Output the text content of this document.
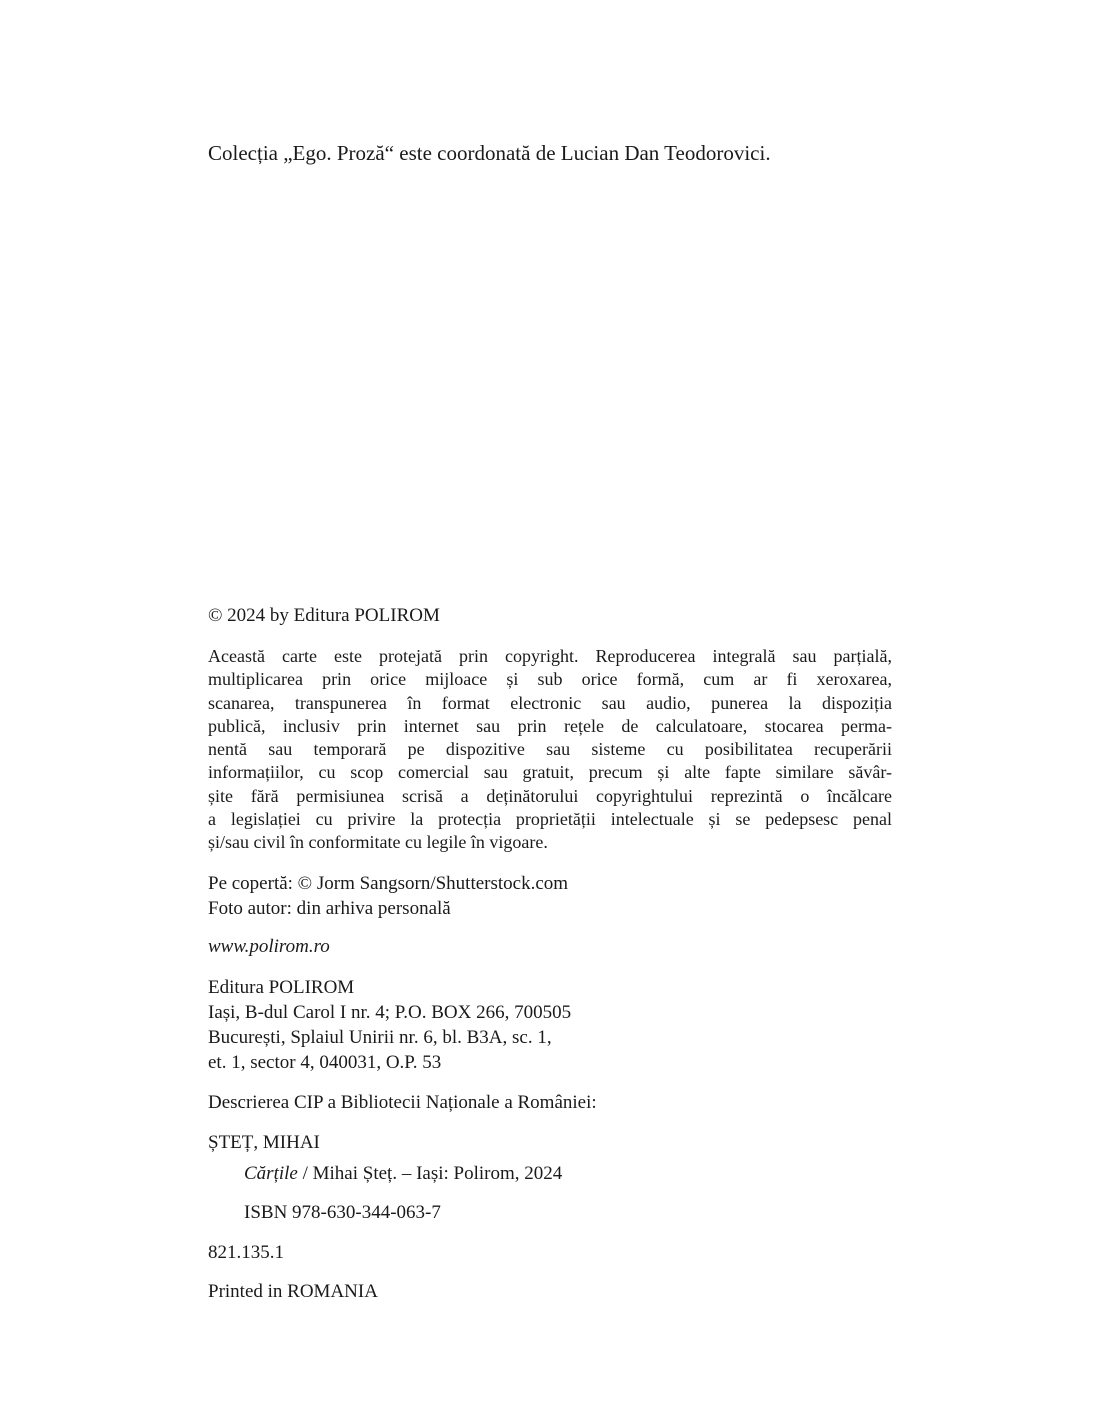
Colecția „Ego. Proză“ este coordonată de Lucian Dan Teodorovici.
© 2024 by Editura POLIROM
Această carte este protejată prin copyright. Reproducerea integrală sau parțială,
multiplicarea prin orice mijloace și sub orice formă, cum ar fi xeroxarea,
scanarea, transpunerea în format electronic sau audio, punerea la dispoziția
publică, inclusiv prin internet sau prin rețele de calculatoare, stocarea perma-
nentă sau temporară pe dispozitive sau sisteme cu posibilitatea recuperării
informațiilor, cu scop comercial sau gratuit, precum și alte fapte similare săvâr-
șite fără permisiunea scrisă a deținătorului copyrightului reprezintă o încălcare
a legislației cu privire la protecția proprietății intelectuale și se pedepsesc penal
și/sau civil în conformitate cu legile în vigoare.
Pe copertă: © Jorm Sangsorn/Shutterstock.com
Foto autor: din arhiva personală
www.polirom.ro
Editura POLIROM
Iași, B-dul Carol I nr. 4; P.O. BOX 266, 700505
București, Splaiul Unirii nr. 6, bl. B3A, sc. 1,
et. 1, sector 4, 040031, O.P. 53
Descrierea CIP a Bibliotecii Naționale a României:
ȘTEȚ, MIHAI
Cărțile / Mihai Șteț. – Iași: Polirom, 2024
ISBN 978-630-344-063-7
821.135.1
Printed in ROMANIA
